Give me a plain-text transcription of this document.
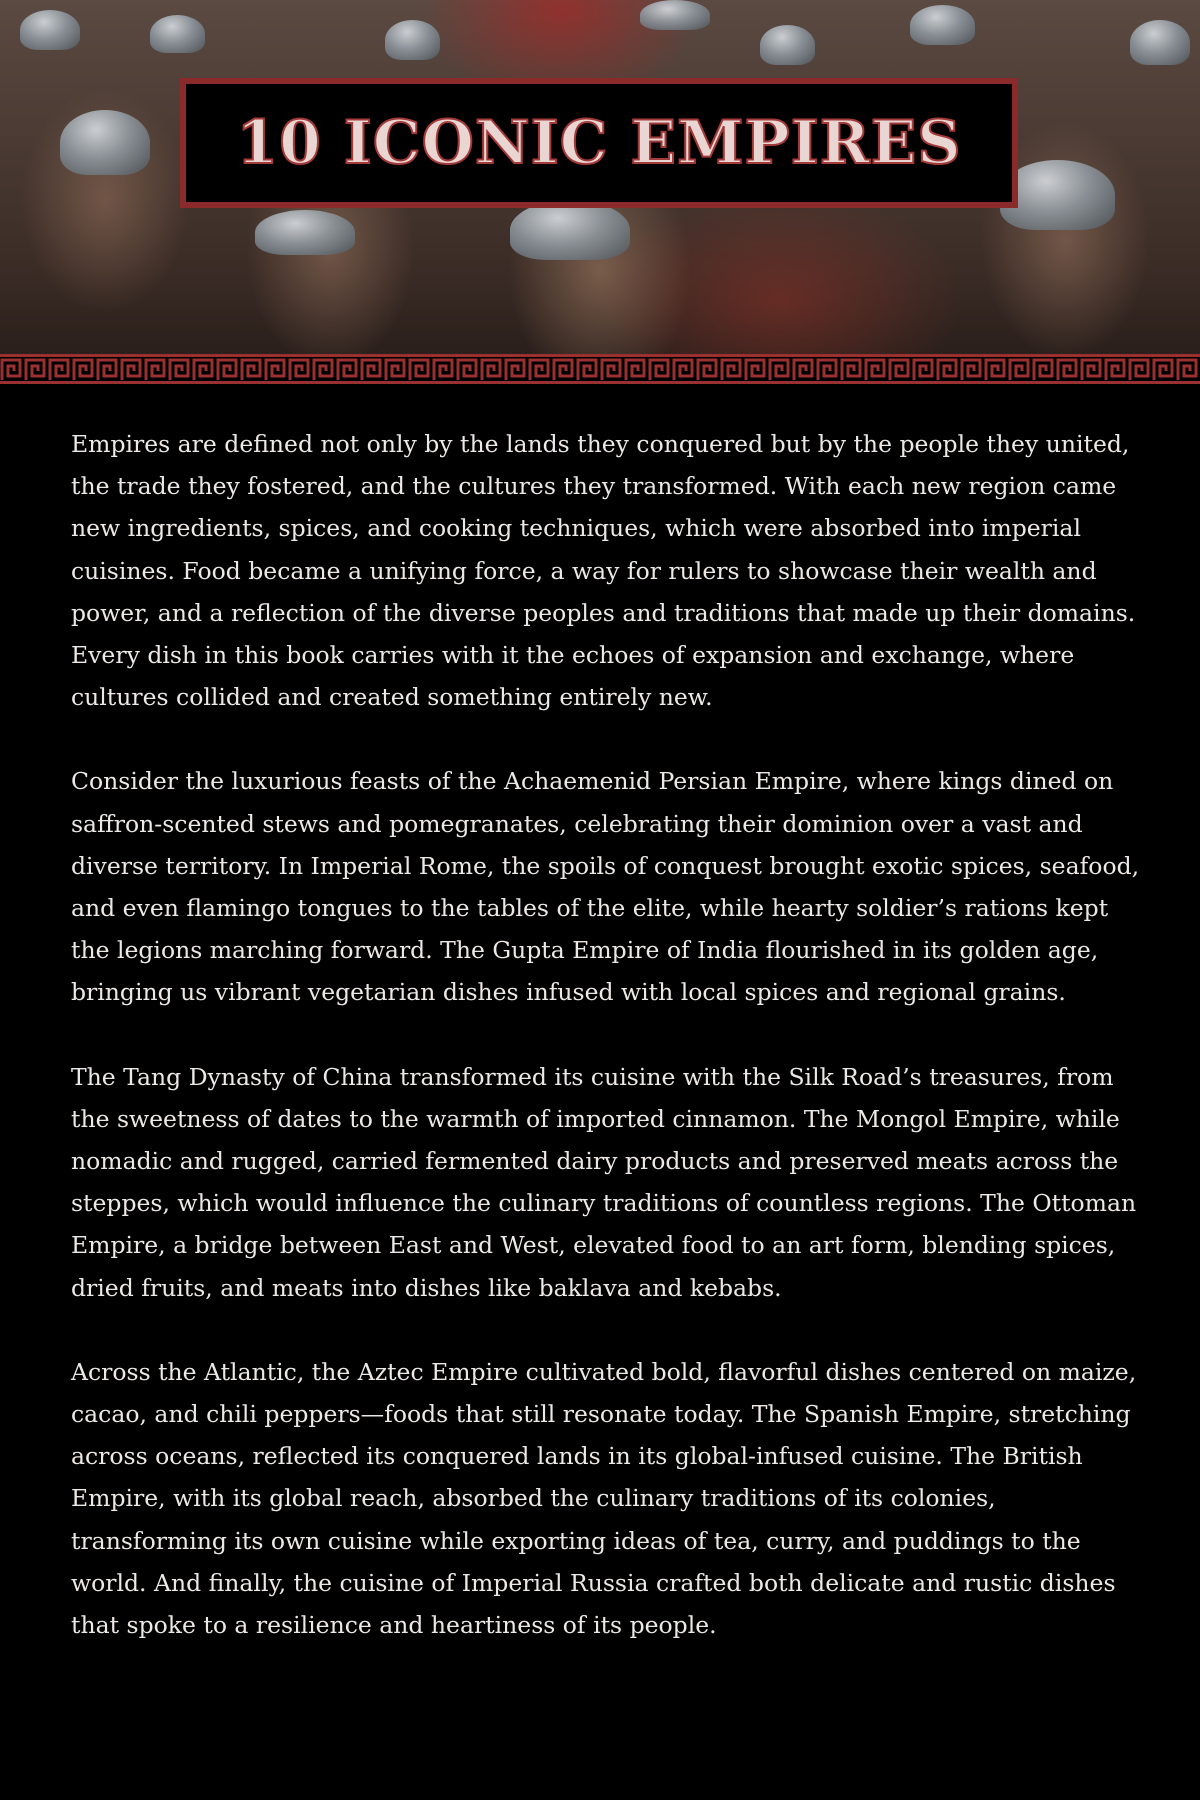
10 ICONIC EMPIRES

Empires are defined not only by the lands they conquered but by the people they united, the trade they fostered, and the cultures they transformed. With each new region came new ingredients, spices, and cooking techniques, which were absorbed into imperial cuisines. Food became a unifying force, a way for rulers to showcase their wealth and power, and a reflection of the diverse peoples and traditions that made up their domains. Every dish in this book carries with it the echoes of expansion and exchange, where cultures collided and created something entirely new.

Consider the luxurious feasts of the Achaemenid Persian Empire, where kings dined on saffron-scented stews and pomegranates, celebrating their dominion over a vast and diverse territory. In Imperial Rome, the spoils of conquest brought exotic spices, seafood, and even flamingo tongues to the tables of the elite, while hearty soldier’s rations kept the legions marching forward. The Gupta Empire of India flourished in its golden age, bringing us vibrant vegetarian dishes infused with local spices and regional grains.

The Tang Dynasty of China transformed its cuisine with the Silk Road’s treasures, from the sweetness of dates to the warmth of imported cinnamon. The Mongol Empire, while nomadic and rugged, carried fermented dairy products and preserved meats across the steppes, which would influence the culinary traditions of countless regions. The Ottoman Empire, a bridge between East and West, elevated food to an art form, blending spices, dried fruits, and meats into dishes like baklava and kebabs.

Across the Atlantic, the Aztec Empire cultivated bold, flavorful dishes centered on maize, cacao, and chili peppers—foods that still resonate today. The Spanish Empire, stretching across oceans, reflected its conquered lands in its global-infused cuisine. The British Empire, with its global reach, absorbed the culinary traditions of its colonies, transforming its own cuisine while exporting ideas of tea, curry, and puddings to the world. And finally, the cuisine of Imperial Russia crafted both delicate and rustic dishes that spoke to a resilience and heartiness of its people.
